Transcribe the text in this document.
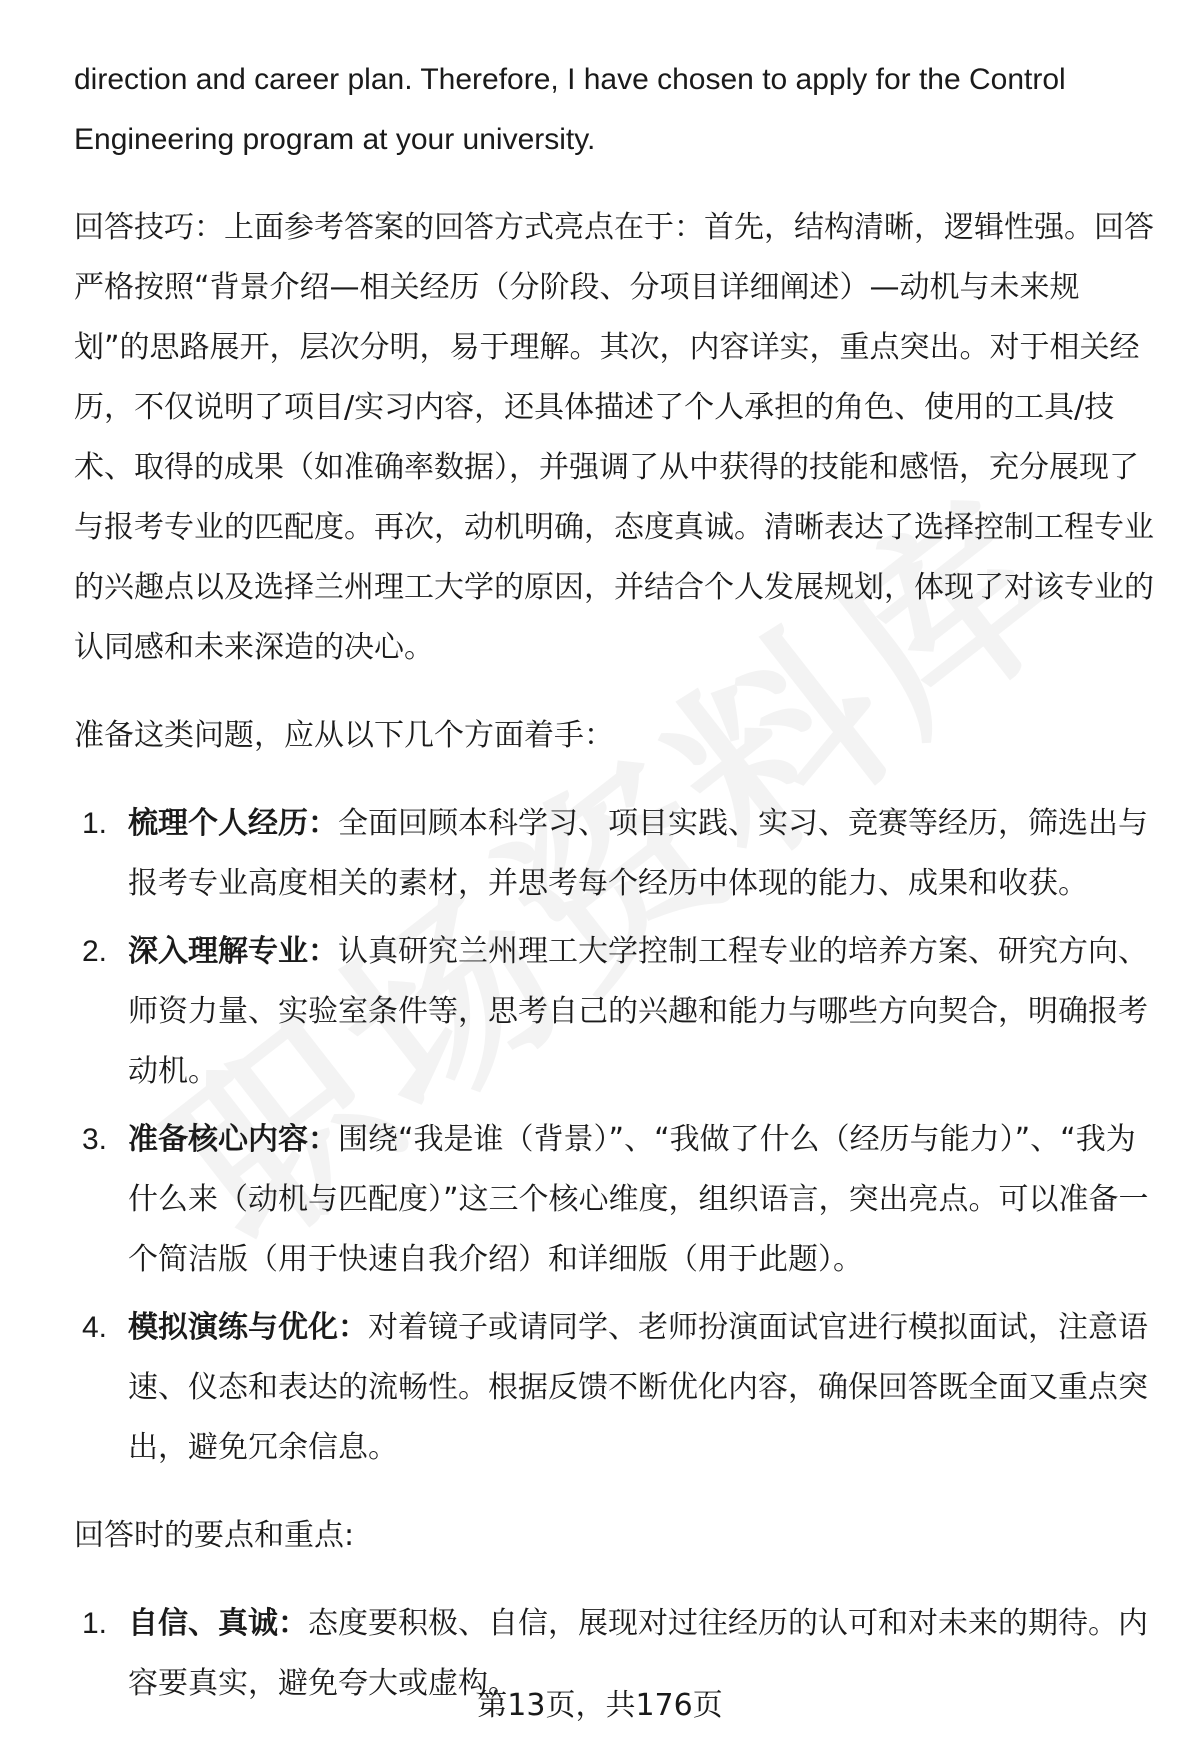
direction and career plan. Therefore, I have chosen to apply for the Control Engineering program at your university.

回答技巧：上面参考答案的回答方式亮点在于：首先，结构清晰，逻辑性强。回答严格按照“背景介绍—相关经历（分阶段、分项目详细阐述）—动机与未来规划”的思路展开，层次分明，易于理解。其次，内容详实，重点突出。对于相关经历，不仅说明了项目/实习内容，还具体描述了个人承担的角色、使用的工具/技术、取得的成果（如准确率数据），并强调了从中获得的技能和感悟，充分展现了与报考专业的匹配度。再次，动机明确，态度真诚。清晰表达了选择控制工程专业的兴趣点以及选择兰州理工大学的原因，并结合个人发展规划，体现了对该专业的认同感和未来深造的决心。

准备这类问题，应从以下几个方面着手：

1. 梳理个人经历：全面回顾本科学习、项目实践、实习、竞赛等经历，筛选出与报考专业高度相关的素材，并思考每个经历中体现的能力、成果和收获。
2. 深入理解专业：认真研究兰州理工大学控制工程专业的培养方案、研究方向、师资力量、实验室条件等，思考自己的兴趣和能力与哪些方向契合，明确报考动机。
3. 准备核心内容：围绕“我是谁（背景）”、“我做了什么（经历与能力）”、“我为什么来（动机与匹配度）”这三个核心维度，组织语言，突出亮点。可以准备一个简洁版（用于快速自我介绍）和详细版（用于此题）。
4. 模拟演练与优化：对着镜子或请同学、老师扮演面试官进行模拟面试，注意语速、仪态和表达的流畅性。根据反馈不断优化内容，确保回答既全面又重点突出，避免冗余信息。

回答时的要点和重点:

1. 自信、真诚：态度要积极、自信，展现对过往经历的认可和对未来的期待。内容要真实，避免夸大或虚构。
第13页，共176页
